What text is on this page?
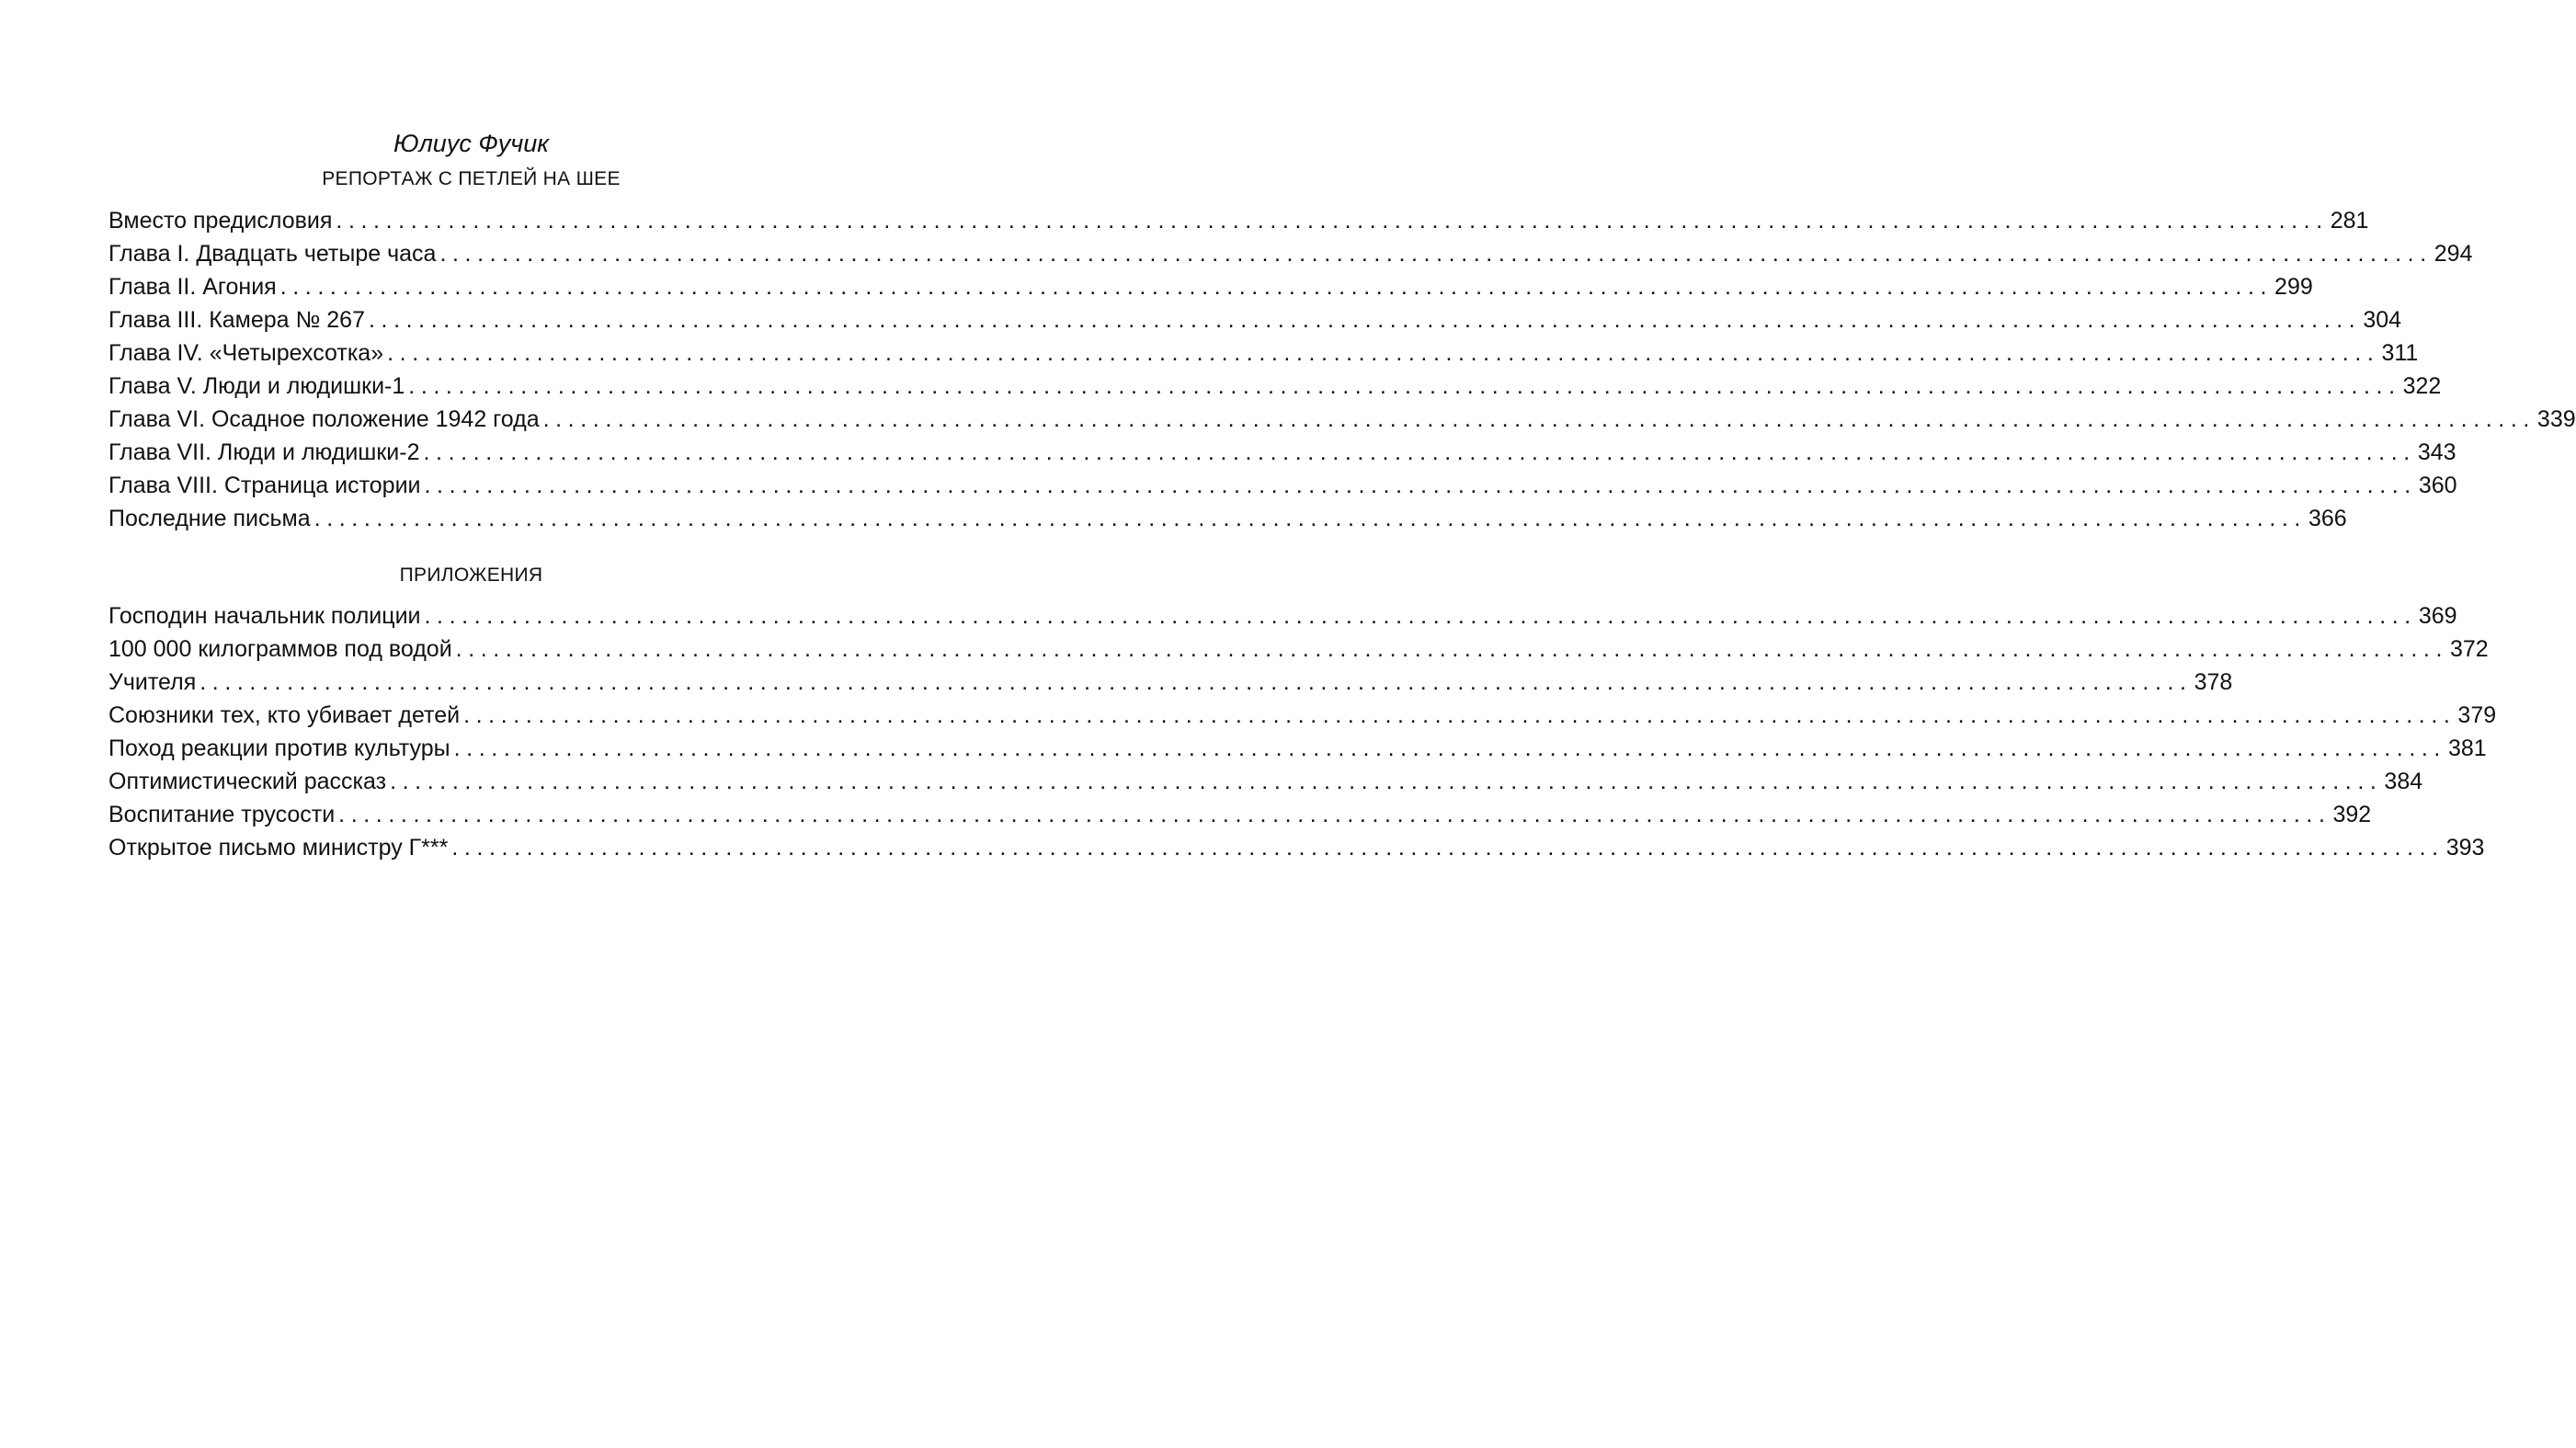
Юлиус Фучик
РЕПОРТАЖ С ПЕТЛЕЙ НА ШЕЕ
Вместо предисловия ................................................................................................................................................................ 281
Глава I. Двадцать четыре часа ................................................................................................................................................................ 294
Глава II. Агония ................................................................................................................................................................ 299
Глава III. Камера № 267 ................................................................................................................................................................ 304
Глава IV. «Четырехсотка» ................................................................................................................................................................ 311
Глава V. Люди и людишки-1 ................................................................................................................................................................ 322
Глава VI. Осадное положение 1942 года ................................................................................................................................................................ 339
Глава VII. Люди и людишки-2 ................................................................................................................................................................ 343
Глава VIII. Страница истории ................................................................................................................................................................ 360
Последние письма ................................................................................................................................................................ 366
ПРИЛОЖЕНИЯ
Господин начальник полиции ................................................................................................................................................................ 369
100 000 килограммов под водой ................................................................................................................................................................ 372
Учителя ................................................................................................................................................................ 378
Союзники тех, кто убивает детей ................................................................................................................................................................ 379
Поход реакции против культуры ................................................................................................................................................................ 381
Оптимистический рассказ ................................................................................................................................................................ 384
Воспитание трусости ................................................................................................................................................................ 392
Открытое письмо министру Г*** ................................................................................................................................................................ 393
